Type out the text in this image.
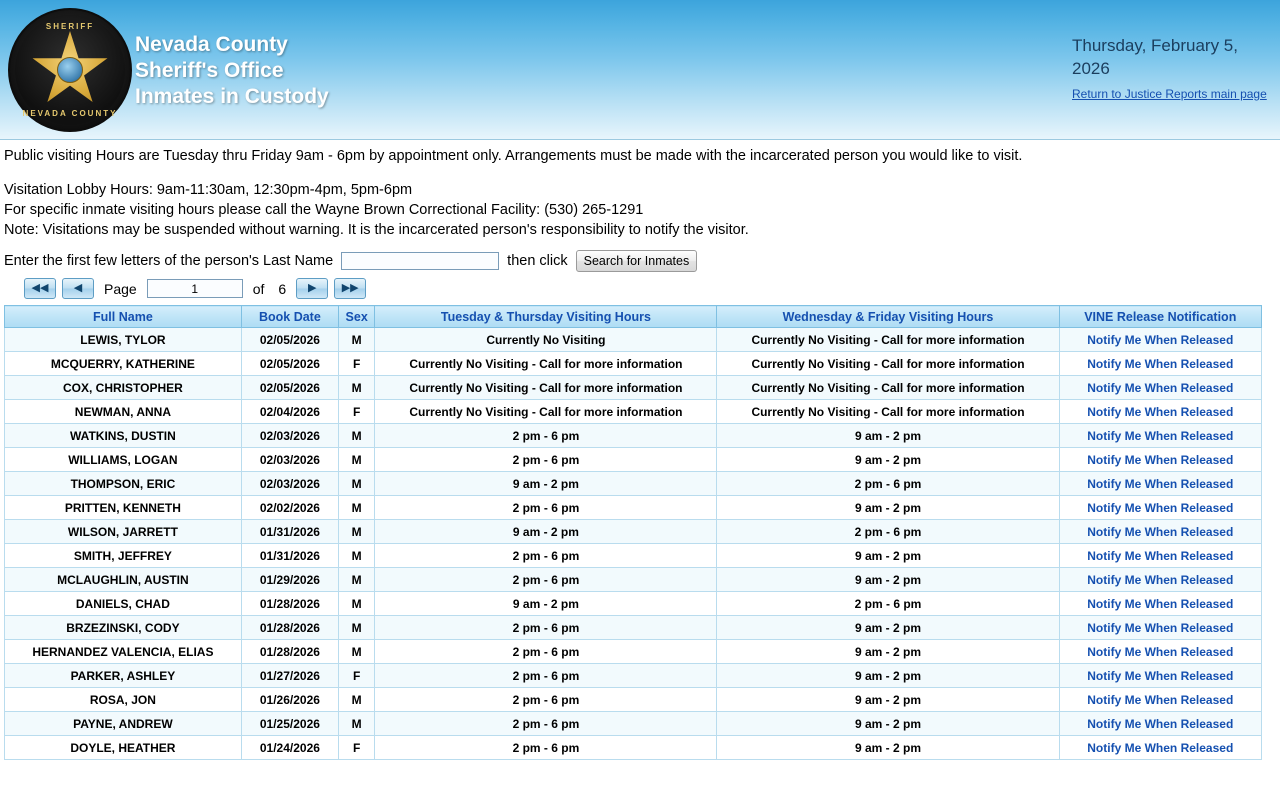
SHERIFF
NEVADA COUNTY
Nevada County
Sheriff's Office
Inmates in Custody
Thursday, February 5, 2026
Return to Justice Reports main page
Public visiting Hours are Tuesday thru Friday 9am - 6pm by appointment only. Arrangements must be made with the incarcerated person you would like to visit.
Visitation Lobby Hours: 9am-11:30am, 12:30pm-4pm, 5pm-6pm
For specific inmate visiting hours please call the Wayne Brown Correctional Facility: (530) 265-1291
Note: Visitations may be suspended without warning. It is the incarcerated person's responsibility to notify the visitor.
Enter the first few letters of the person's Last Name	then click	Search for Inmates
◀◀	◀	Page
1	of 6	▶	▶▶
Full Name	Book Date	Sex	Tuesday & Thursday Visiting Hours	Wednesday & Friday Visiting Hours	VINE Release Notification
LEWIS, TYLOR	02/05/2026	M	Currently No Visiting	Currently No Visiting - Call for more information	Notify Me When Released
MCQUERRY, KATHERINE	02/05/2026	F	Currently No Visiting - Call for more information	Currently No Visiting - Call for more information	Notify Me When Released
COX, CHRISTOPHER	02/05/2026	M	Currently No Visiting - Call for more information	Currently No Visiting - Call for more information	Notify Me When Released
NEWMAN, ANNA	02/04/2026	F	Currently No Visiting - Call for more information	Currently No Visiting - Call for more information	Notify Me When Released
WATKINS, DUSTIN	02/03/2026	M	2 pm - 6 pm	9 am - 2 pm	Notify Me When Released
WILLIAMS, LOGAN	02/03/2026	M	2 pm - 6 pm	9 am - 2 pm	Notify Me When Released
THOMPSON, ERIC	02/03/2026	M	9 am - 2 pm	2 pm - 6 pm	Notify Me When Released
PRITTEN, KENNETH	02/02/2026	M	2 pm - 6 pm	9 am - 2 pm	Notify Me When Released
WILSON, JARRETT	01/31/2026	M	9 am - 2 pm	2 pm - 6 pm	Notify Me When Released
SMITH, JEFFREY	01/31/2026	M	2 pm - 6 pm	9 am - 2 pm	Notify Me When Released
MCLAUGHLIN, AUSTIN	01/29/2026	M	2 pm - 6 pm	9 am - 2 pm	Notify Me When Released
DANIELS, CHAD	01/28/2026	M	9 am - 2 pm	2 pm - 6 pm	Notify Me When Released
BRZEZINSKI, CODY	01/28/2026	M	2 pm - 6 pm	9 am - 2 pm	Notify Me When Released
HERNANDEZ VALENCIA, ELIAS	01/28/2026	M	2 pm - 6 pm	9 am - 2 pm	Notify Me When Released
PARKER, ASHLEY	01/27/2026	F	2 pm - 6 pm	9 am - 2 pm	Notify Me When Released
ROSA, JON	01/26/2026	M	2 pm - 6 pm	9 am - 2 pm	Notify Me When Released
PAYNE, ANDREW	01/25/2026	M	2 pm - 6 pm	9 am - 2 pm	Notify Me When Released
DOYLE, HEATHER	01/24/2026	F	2 pm - 6 pm	9 am - 2 pm	Notify Me When Released
